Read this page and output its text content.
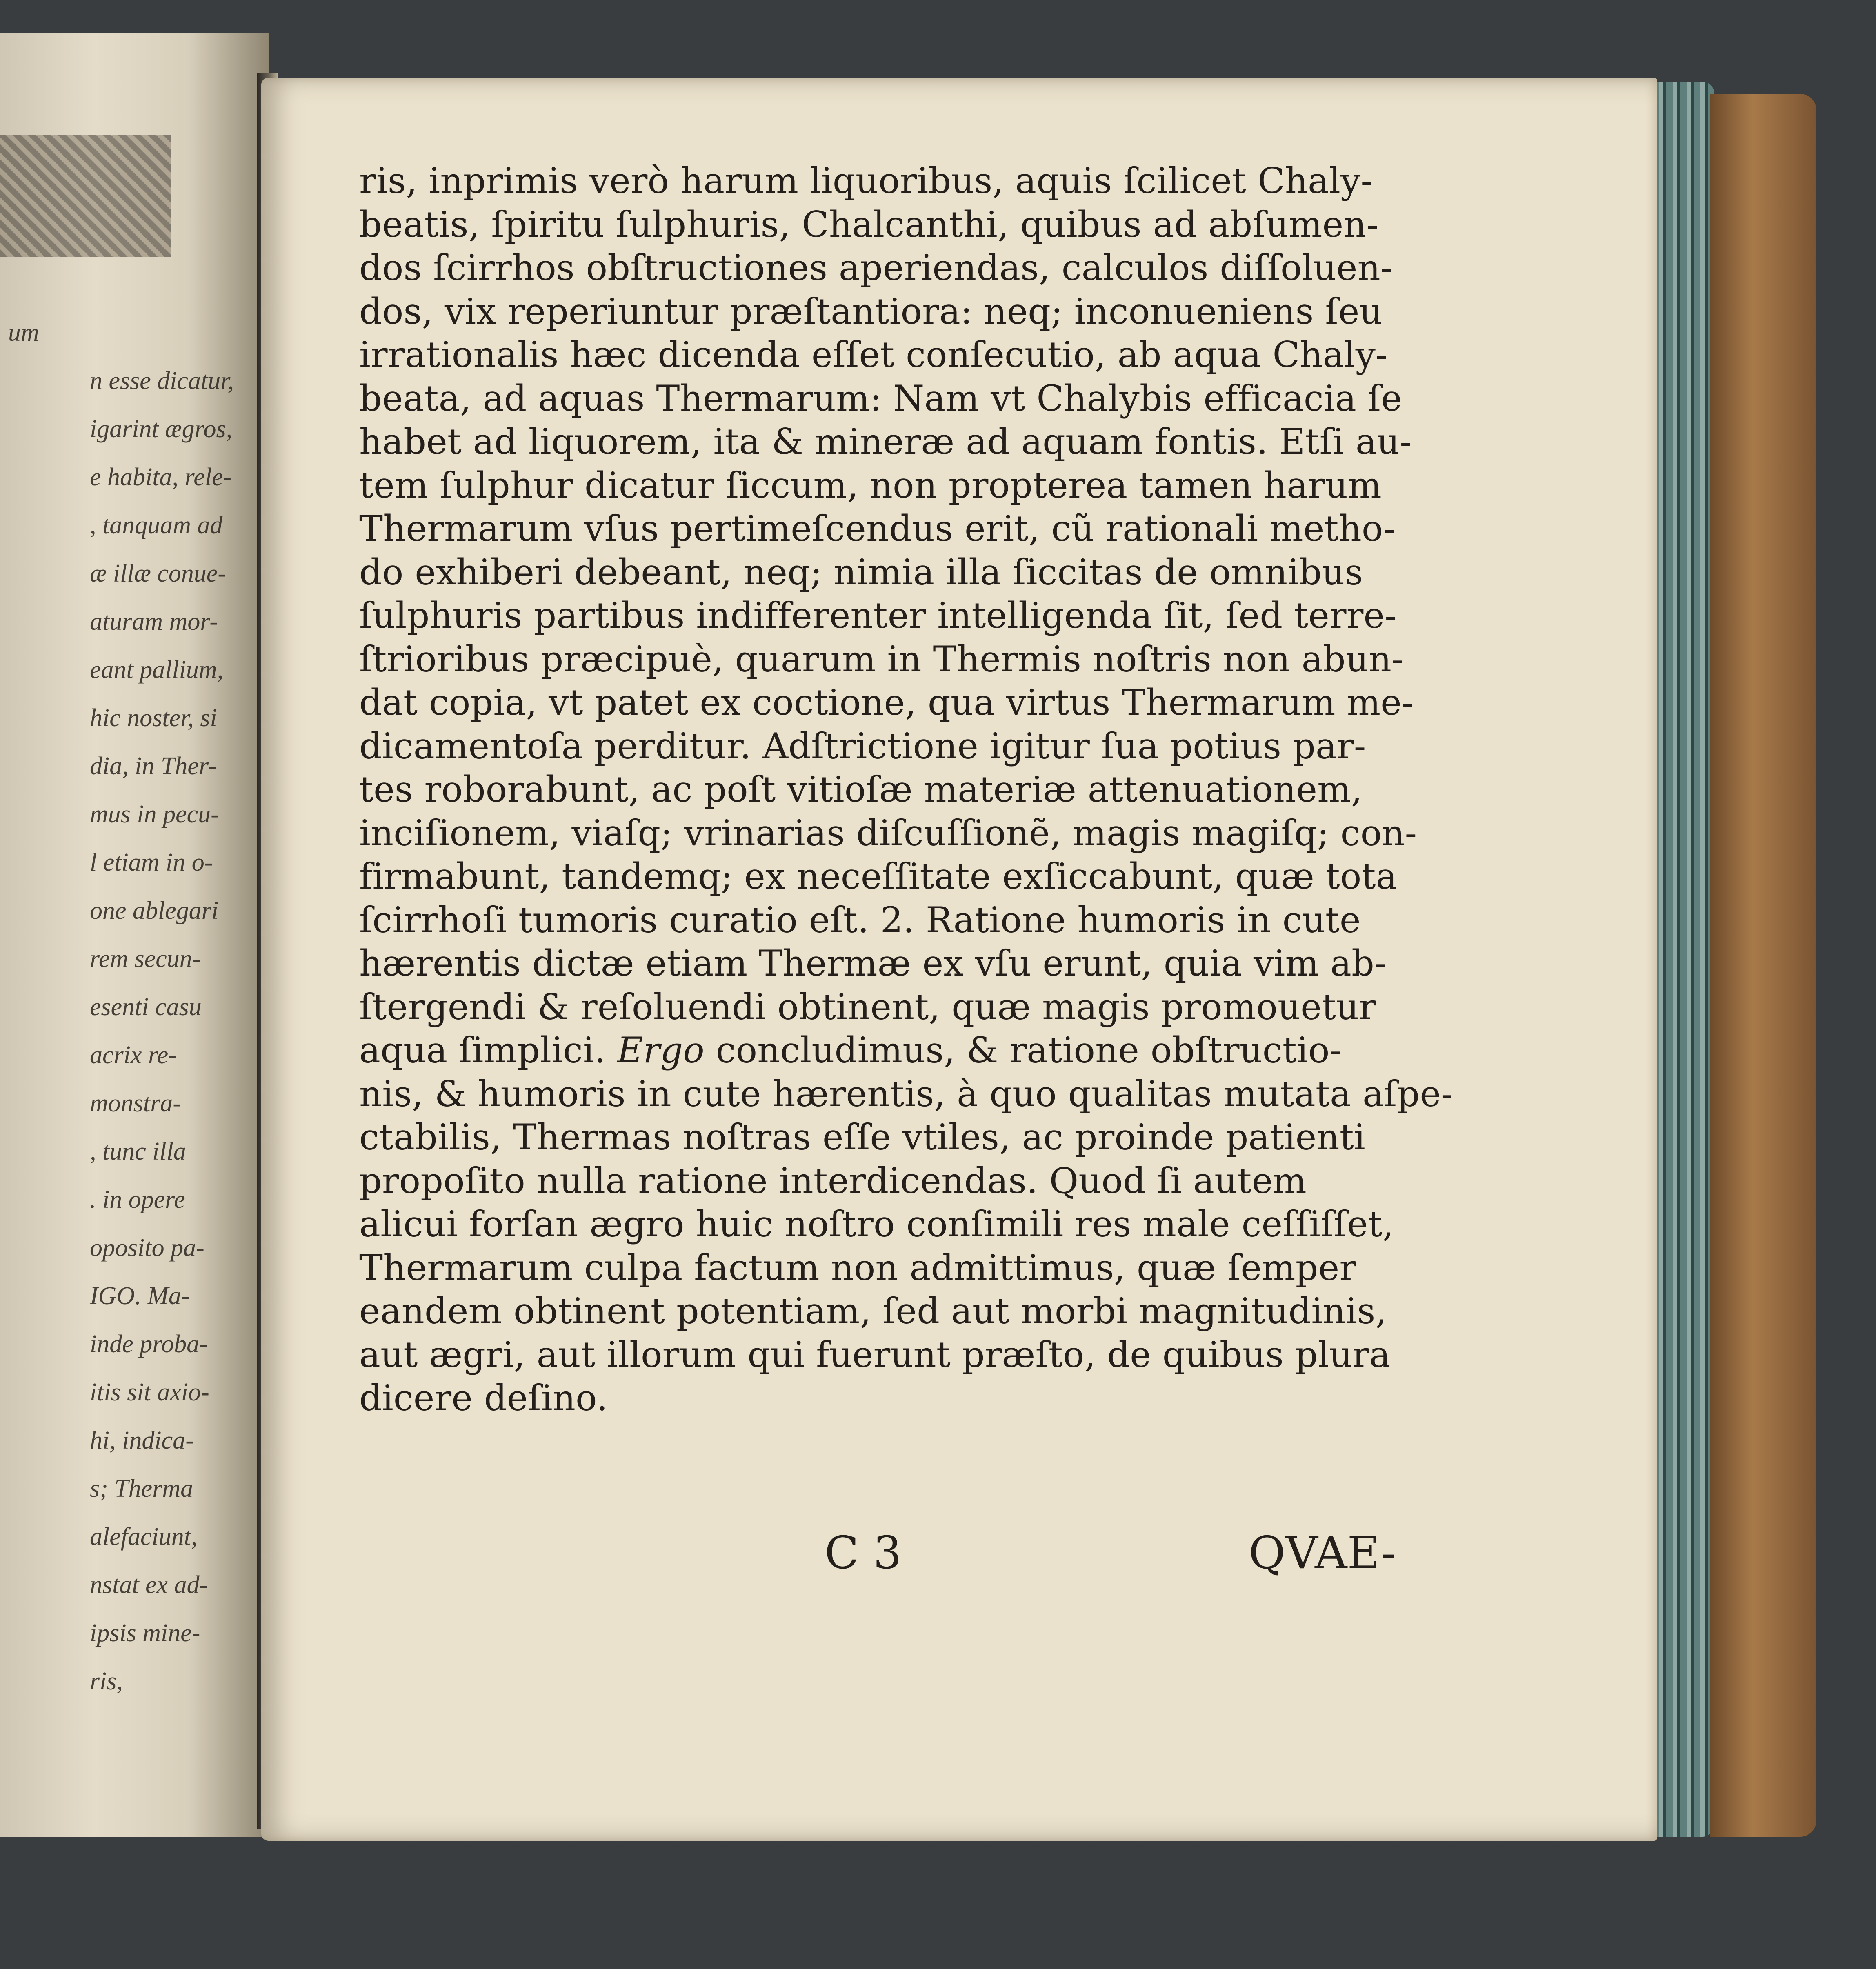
um
n esse dicatur,
igarint ægros,
e habita, rele-
, tanquam ad
æ illæ conue-
aturam mor-
eant pallium,
hic noster, si
dia, in Ther-
mus in pecu-
l etiam in o-
one ablegari
rem secun-
esenti casu
acrix re-
monstra-
, tunc illa
. in opere
oposito pa-
IGO. Ma-
inde proba-
itis sit axio-
hi, indica-
s; Therma
alefaciunt,
nstat ex ad-
ipsis mine-
ris,
ris, inprimis verò harum liquoribus, aquis ſcilicet Chaly-
beatis, ſpiritu ſulphuris, Chalcanthi, quibus ad abſumen-
dos ſcirrhos obſtructiones aperiendas, calculos diſſoluen-
dos, vix reperiuntur præſtantiora: neq; inconueniens ſeu
irrationalis hæc dicenda eſſet conſecutio, ab aqua Chaly-
beata, ad aquas Thermarum: Nam vt Chalybis efficacia ſe
habet ad liquorem, ita & mineræ ad aquam fontis. Etſi au-
tem ſulphur dicatur ſiccum, non propterea tamen harum
Thermarum vſus pertimeſcendus erit, cũ rationali metho-
do exhiberi debeant, neq; nimia illa ſiccitas de omnibus
ſulphuris partibus indifferenter intelligenda ſit, ſed terre-
ſtrioribus præcipuè, quarum in Thermis noſtris non abun-
dat copia, vt patet ex coctione, qua virtus Thermarum me-
dicamentoſa perditur. Adſtrictione igitur ſua potius par-
tes roborabunt, ac poſt vitioſæ materiæ attenuationem,
inciſionem, viaſq; vrinarias diſcuſſionẽ, magis magiſq; con-
firmabunt, tandemq; ex neceſſitate exſiccabunt, quæ tota
ſcirrhoſi tumoris curatio eſt. 2. Ratione humoris in cute
hærentis dictæ etiam Thermæ ex vſu erunt, quia vim ab-
ſtergendi & reſoluendi obtinent, quæ magis promouetur
aqua ſimplici. Ergo concludimus, & ratione obſtructio-
nis, & humoris in cute hærentis, à quo qualitas mutata aſpe-
ctabilis, Thermas noſtras eſſe vtiles, ac proinde patienti
propoſito nulla ratione interdicendas. Quod ſi autem
alicui forſan ægro huic noſtro conſimili res male ceſſiſſet,
Thermarum culpa factum non admittimus, quæ ſemper
eandem obtinent potentiam, ſed aut morbi magnitudinis,
aut ægri, aut illorum qui fuerunt præſto, de quibus plura
dicere deſino.
C 3	QVAE-
